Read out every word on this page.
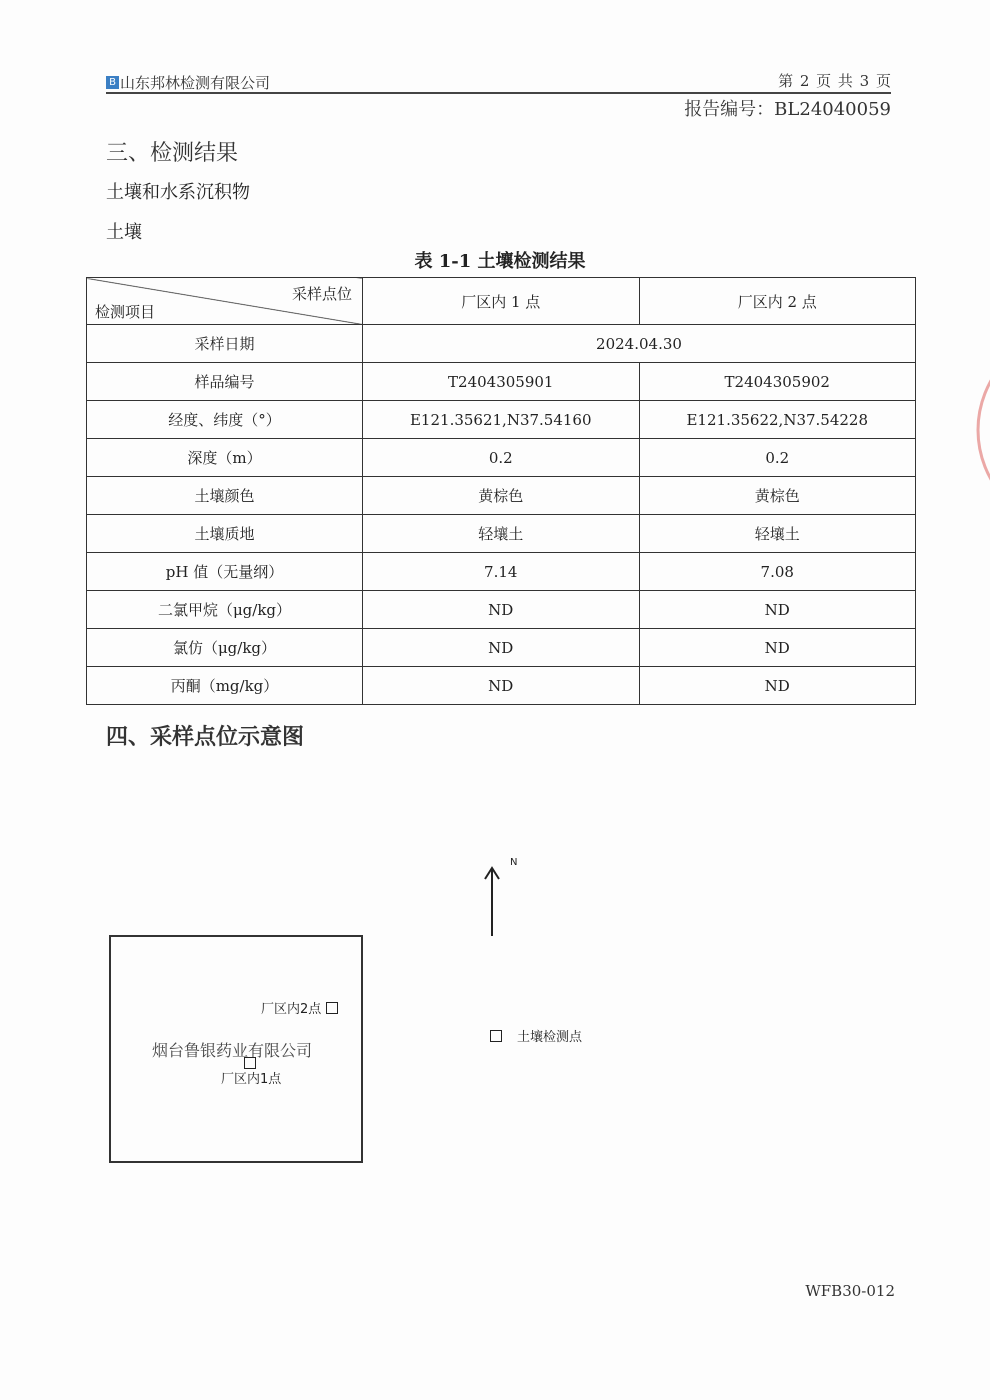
B 山东邦林检测有限公司	第 2 页 共 3 页
报告编号：BL24040059
三、检测结果
土壤和水系沉积物
土壤
表 1-1 土壤检测结果
采样点位
检测项目	厂区内 1 点	厂区内 2 点
采样日期	2024.04.30	
样品编号	T2404305901	T2404305902
经度、纬度（°）	E121.35621,N37.54160	E121.35622,N37.54228
深度（m）	0.2	0.2
土壤颜色	黄棕色	黄棕色
土壤质地	轻壤土	轻壤土
pH 值（无量纲）	7.14	7.08
二氯甲烷（μg/kg）	ND	ND
氯仿（μg/kg）	ND	ND
丙酮（mg/kg）	ND	ND
四、采样点位示意图
厂区内2点
烟台鲁银药业有限公司
厂区内1点
N
土壤检测点
WFB30-012
